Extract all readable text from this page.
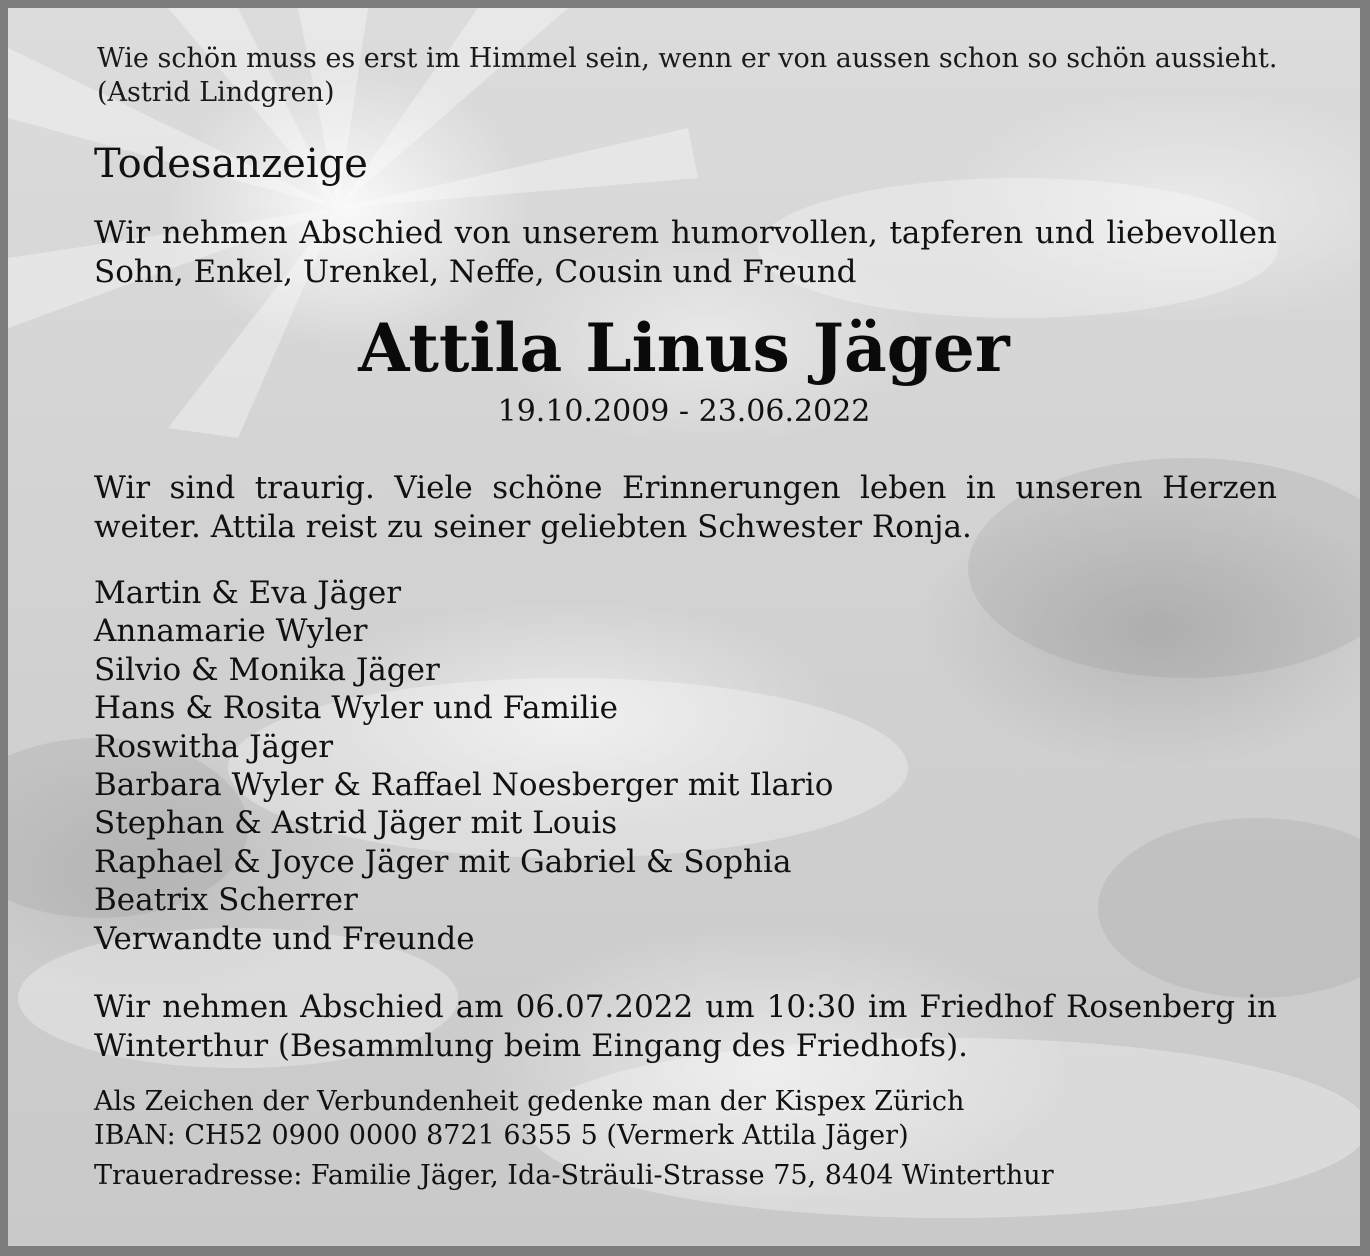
Wie schön muss es erst im Himmel sein, wenn er von aussen schon so schön aussieht.
(Astrid Lindgren)
Todesanzeige
Wir nehmen Abschied von unserem humorvollen, tapferen und liebevollen Sohn, Enkel, Urenkel, Neffe, Cousin und Freund
Attila Linus Jäger
19.10.2009 - 23.06.2022
Wir sind traurig. Viele schöne Erinnerungen leben in unseren Herzen weiter. Attila reist zu seiner geliebten Schwester Ronja.
Martin & Eva Jäger
Annamarie Wyler
Silvio & Monika Jäger
Hans & Rosita Wyler und Familie
Roswitha Jäger
Barbara Wyler & Raffael Noesberger mit Ilario
Stephan & Astrid Jäger mit Louis
Raphael & Joyce Jäger mit Gabriel & Sophia
Beatrix Scherrer
Verwandte und Freunde
Wir nehmen Abschied am 06.07.2022 um 10:30 im Friedhof Rosenberg in Winterthur (Besammlung beim Eingang des Friedhofs).
Als Zeichen der Verbundenheit gedenke man der Kispex Zürich
IBAN: CH52 0900 0000 8721 6355 5 (Vermerk Attila Jäger)
Traueradresse: Familie Jäger, Ida-Sträuli-Strasse 75, 8404 Winterthur
